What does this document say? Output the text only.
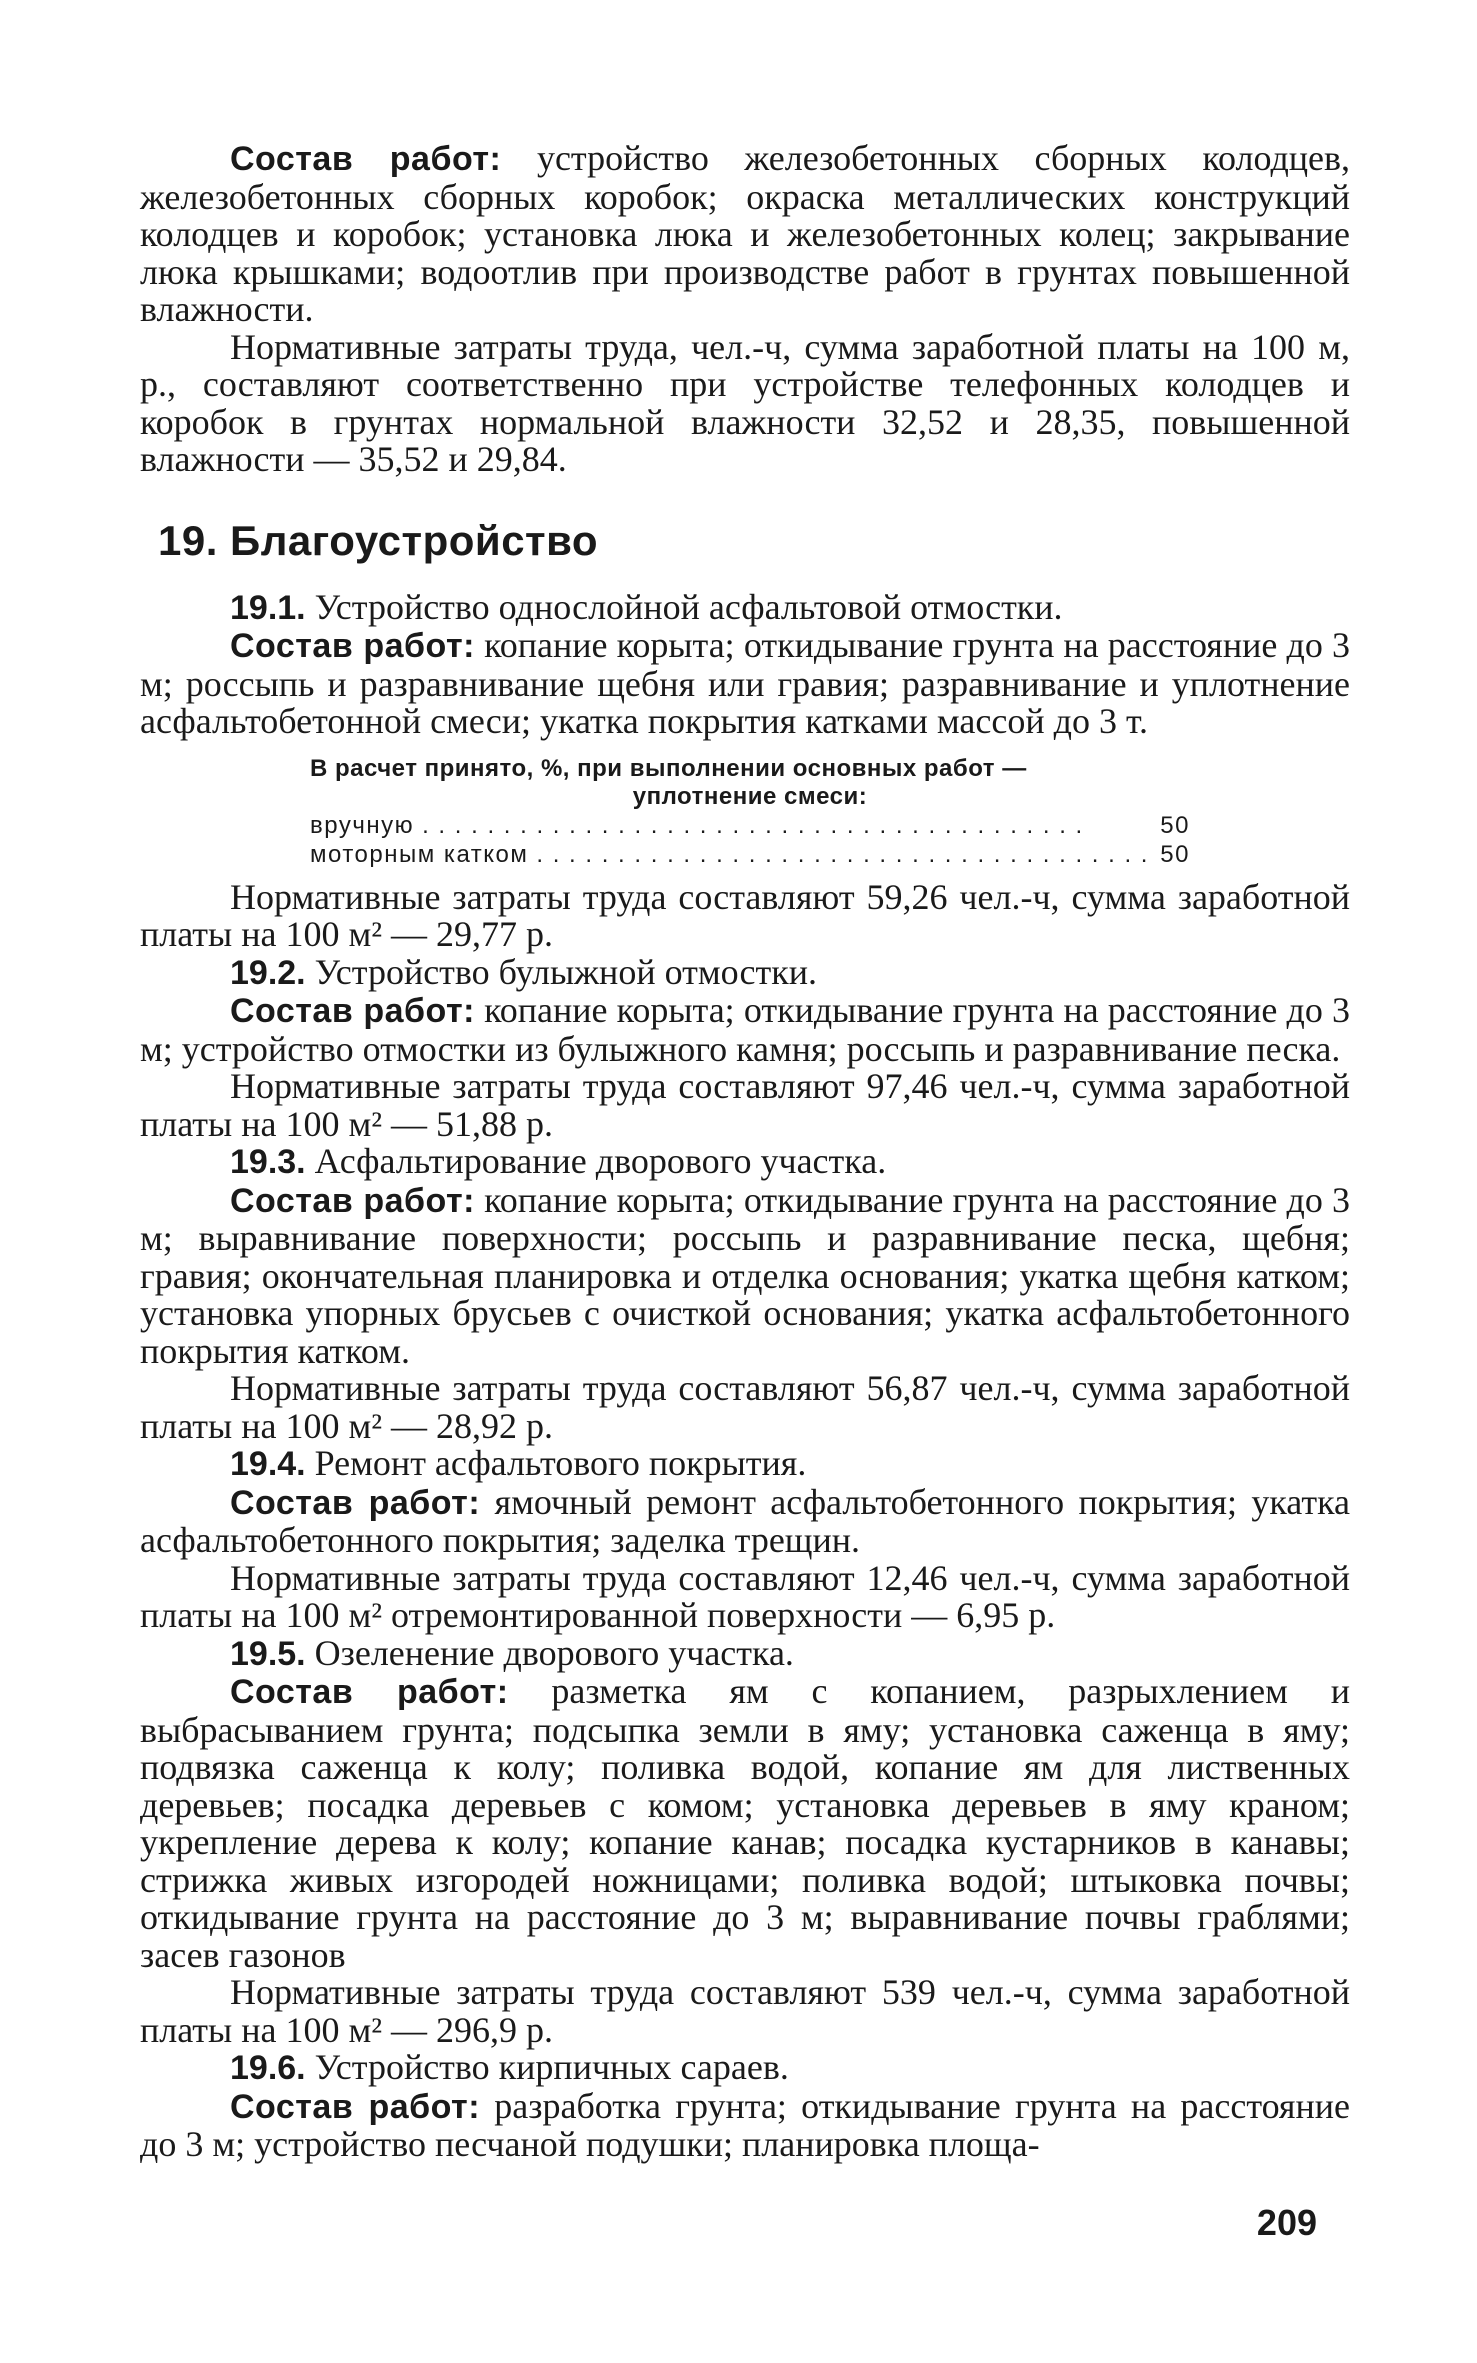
Состав работ: устройство железобетонных сборных колодцев, железобетонных сборных коробок; окраска металлических конструкций колодцев и коробок; установка люка и железобетонных колец; закрывание люка крышками; водоотлив при производстве работ в грунтах повышенной влажности.

Нормативные затраты труда, чел.-ч, сумма заработной платы на 100 м, р., составляют соответственно при устройстве телефонных колодцев и коробок в грунтах нормальной влажности 32,52 и 28,35, повышенной влажности — 35,52 и 29,84.

19. Благоустройство

19.1. Устройство однослойной асфальтовой отмостки.

Состав работ: копание корыта; откидывание грунта на расстояние до 3 м; россыпь и разравнивание щебня или гравия; разравнивание и уплотнение асфальтобетонной смеси; укатка покрытия катками массой до 3 т.

В расчет принято, %, при выполнении основных работ —
уплотнение смеси:
вручную . . .	50
моторным катком . . .	50

Нормативные затраты труда составляют 59,26 чел.-ч, сумма заработной платы на 100 м² — 29,77 р.

19.2. Устройство булыжной отмостки.

Состав работ: копание корыта; откидывание грунта на расстояние до 3 м; устройство отмостки из булыжного камня; россыпь и разравнивание песка.

Нормативные затраты труда составляют 97,46 чел.-ч, сумма заработной платы на 100 м² — 51,88 р.

19.3. Асфальтирование дворового участка.

Состав работ: копание корыта; откидывание грунта на расстояние до 3 м; выравнивание поверхности; россыпь и разравнивание песка, щебня; гравия; окончательная планировка и отделка основания; укатка щебня катком; установка упорных брусьев с очисткой основания; укатка асфальтобетонного покрытия катком.

Нормативные затраты труда составляют 56,87 чел.-ч, сумма заработной платы на 100 м² — 28,92 р.

19.4. Ремонт асфальтового покрытия.

Состав работ: ямочный ремонт асфальтобетонного покрытия; укатка асфальтобетонного покрытия; заделка трещин.

Нормативные затраты труда составляют 12,46 чел.-ч, сумма заработной платы на 100 м² отремонтированной поверхности — 6,95 р.

19.5. Озеленение дворового участка.

Состав работ: разметка ям с копанием, разрыхлением и выбрасыванием грунта; подсыпка земли в яму; установка саженца в яму; подвязка саженца к колу; поливка водой, копание ям для лиственных деревьев; посадка деревьев с комом; установка деревьев в яму краном; укрепление дерева к колу; копание канав; посадка кустарников в канавы; стрижка живых изгородей ножницами; поливка водой; штыковка почвы; откидывание грунта на расстояние до 3 м; выравнивание почвы граблями; засев газонов

Нормативные затраты труда составляют 539 чел.-ч, сумма заработной платы на 100 м² — 296,9 р.

19.6. Устройство кирпичных сараев.

Состав работ: разработка грунта; откидывание грунта на расстояние до 3 м; устройство песчаной подушки; планировка площа-

209
